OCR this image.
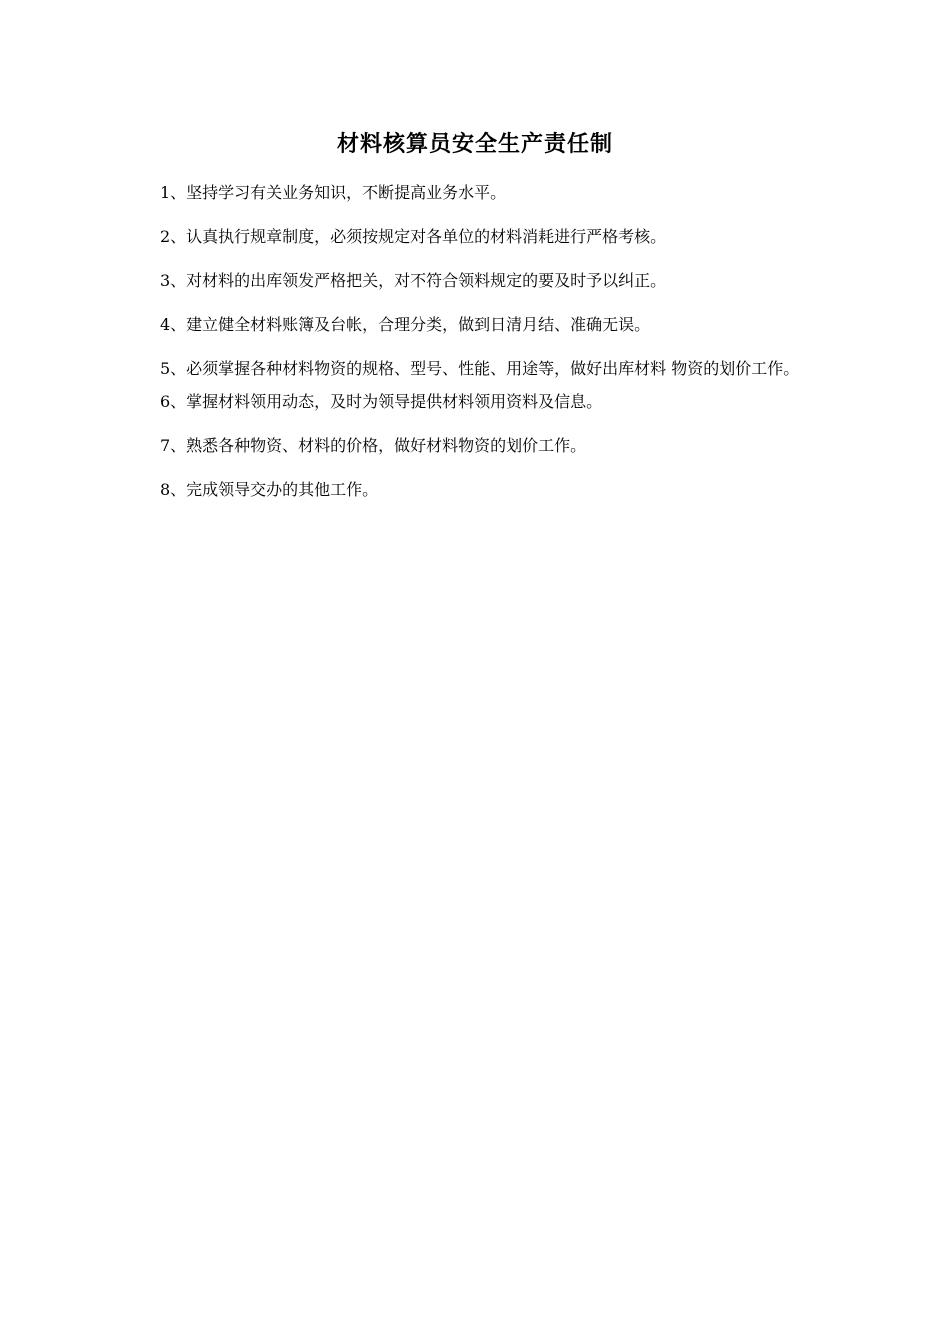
材料核算员安全生产责任制

1、坚持学习有关业务知识，不断提高业务水平。

2、认真执行规章制度，必须按规定对各单位的材料消耗进行严格考核。

3、对材料的出库领发严格把关，对不符合领料规定的要及时予以纠正。

4、建立健全材料账簿及台帐，合理分类，做到日清月结、准确无误。

5、必须掌握各种材料物资的规格、型号、性能、用途等，做好出库材料 物资的划价工作。

6、掌握材料领用动态，及时为领导提供材料领用资料及信息。

7、熟悉各种物资、材料的价格，做好材料物资的划价工作。

8、完成领导交办的其他工作。
